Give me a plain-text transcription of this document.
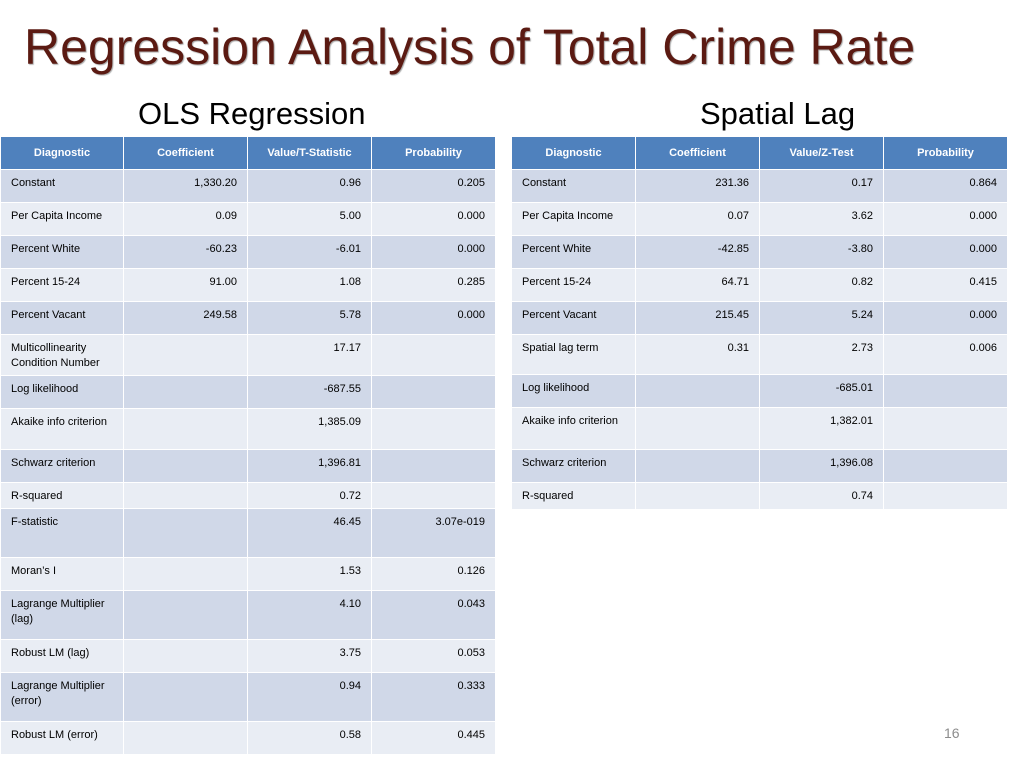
Regression Analysis of Total Crime Rate
OLS Regression	Spatial Lag
Diagnostic	Coefficient	Value/T-Statistic	Probability
Constant	1,330.20	0.96	0.205
Per Capita Income	0.09	5.00	0.000
Percent White	-60.23	-6.01	0.000
Percent 15-24	91.00	1.08	0.285
Percent Vacant	249.58	5.78	0.000
Multicollinearity Condition Number		17.17	
Log likelihood		-687.55	
Akaike info criterion		1,385.09	
Schwarz criterion		1,396.81	
R-squared		0.72	
F-statistic		46.45	3.07e-019
Moran’s I		1.53	0.126
Lagrange Multiplier (lag)		4.10	0.043
Robust LM (lag)		3.75	0.053
Lagrange Multiplier (error)		0.94	0.333
Robust LM (error)		0.58	0.445
Diagnostic	Coefficient	Value/Z-Test	Probability
Constant	231.36	0.17	0.864
Per Capita Income	0.07	3.62	0.000
Percent White	-42.85	-3.80	0.000
Percent 15-24	64.71	0.82	0.415
Percent Vacant	215.45	5.24	0.000
Spatial lag term	0.31	2.73	0.006
Log likelihood		-685.01	
Akaike info criterion		1,382.01	
Schwarz criterion		1,396.08	
R-squared		0.74	
16
